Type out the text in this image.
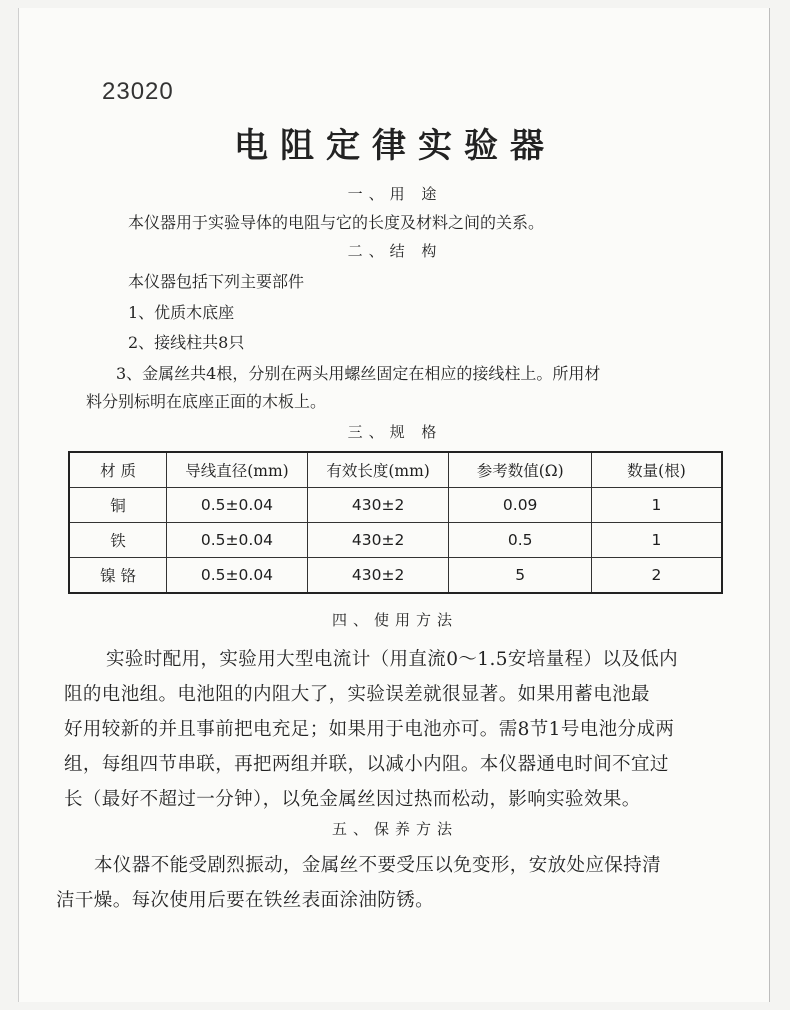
23020
电阻定律实验器
一、用 途
本仪器用于实验导体的电阻与它的长度及材料之间的关系。
二、结 构
本仪器包括下列主要部件
1、优质木底座
2、接线柱共8只
3、金属丝共4根，分别在两头用螺丝固定在相应的接线柱上。所用材
料分别标明在底座正面的木板上。
三、规 格
材 质	导线直径(mm)	有效长度(mm)	参考数值(Ω)	数量(根)
铜	0.5±0.04	430±2	0.09	1
铁	0.5±0.04	430±2	0.5	1
镍 铬	0.5±0.04	430±2	5	2
四、使用方法
实验时配用，实验用大型电流计（用直流0～1.5安培量程）以及低内
阻的电池组。电池阻的内阻大了，实验误差就很显著。如果用蓄电池最
好用较新的并且事前把电充足；如果用于电池亦可。需8节1号电池分成两
组，每组四节串联，再把两组并联，以减小内阻。本仪器通电时间不宜过
长（最好不超过一分钟），以免金属丝因过热而松动，影响实验效果。
五、保养方法
本仪器不能受剧烈振动，金属丝不要受压以免变形，安放处应保持清
洁干燥。每次使用后要在铁丝表面涂油防锈。
